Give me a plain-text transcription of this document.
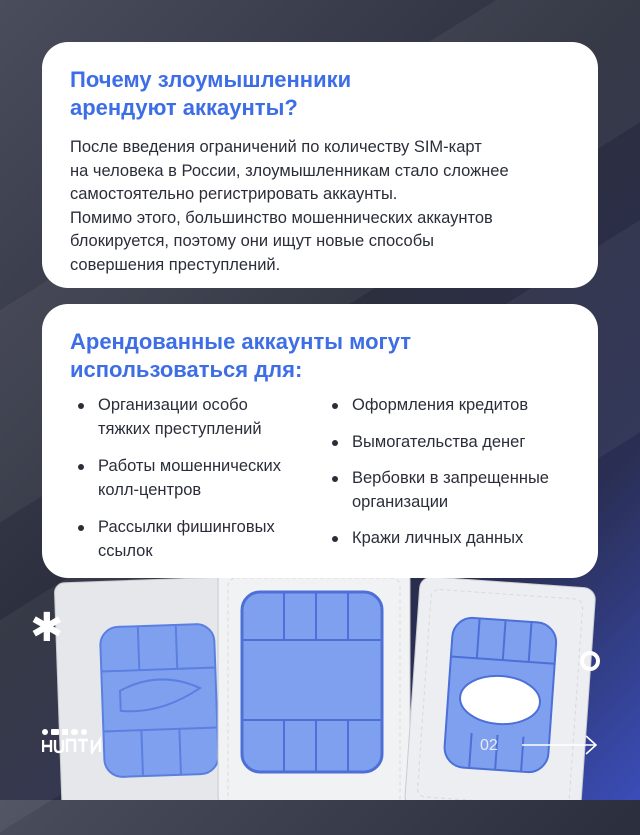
Почему злоумышленники
арендуют аккаунты?

После введения ограничений по количеству SIM-карт
на человека в России, злоумышленникам стало сложнее
самостоятельно регистрировать аккаунты.
Помимо этого, большинство мошеннических аккаунтов
блокируется, поэтому они ищут новые способы
совершения преступлений.

Арендованные аккаунты могут
использоваться для:
Организации особо
тяжких преступлений
Работы мошеннических
колл-центров
Рассылки фишинговых
ссылок
Оформления кредитов
Вымогательства денег
Вербовки в запрещенные
организации
Кражи личных данных
✱
02
